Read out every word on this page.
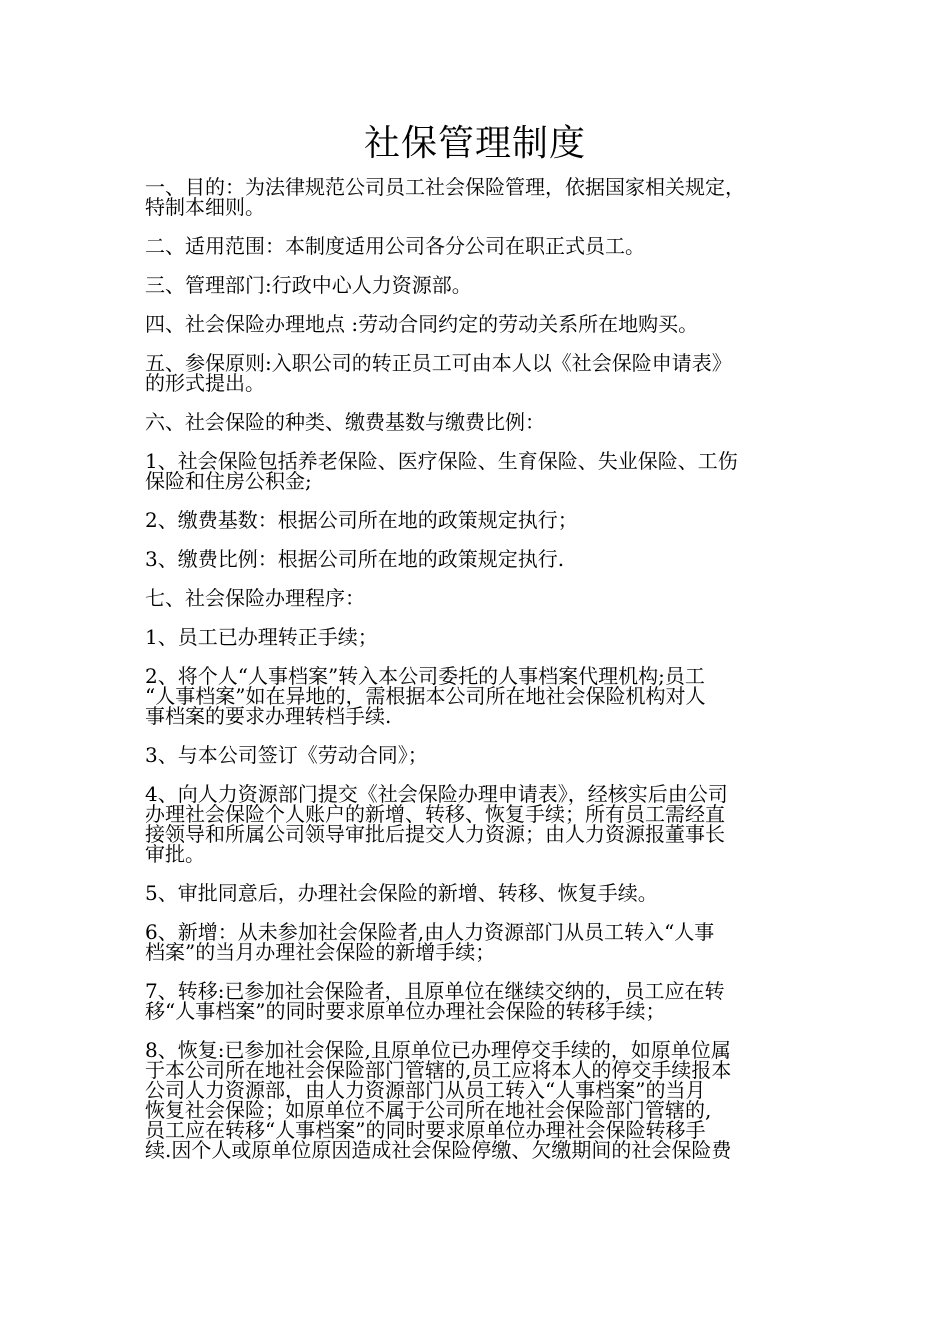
社保管理制度

一、目的：为法律规范公司员工社会保险管理，依据国家相关规定，
特制本细则。

二、适用范围：本制度适用公司各分公司在职正式员工。

三、管理部门:行政中心人力资源部。

四、社会保险办理地点 :劳动合同约定的劳动关系所在地购买。

五、参保原则:入职公司的转正员工可由本人以《社会保险申请表》
的形式提出。

六、社会保险的种类、缴费基数与缴费比例：

1、社会保险包括养老保险、医疗保险、生育保险、失业保险、工伤
保险和住房公积金;

2、缴费基数：根据公司所在地的政策规定执行；

3、缴费比例：根据公司所在地的政策规定执行.

七、社会保险办理程序：

1、员工已办理转正手续；

2、将个人“人事档案”转入本公司委托的人事档案代理机构;员工
“人事档案”如在异地的，需根据本公司所在地社会保险机构对人
事档案的要求办理转档手续.

3、与本公司签订《劳动合同》；

4、向人力资源部门提交《社会保险办理申请表》，经核实后由公司
办理社会保险个人账户的新增、转移、恢复手续；所有员工需经直
接领导和所属公司领导审批后提交人力资源；由人力资源报董事长
审批。

5、审批同意后，办理社会保险的新增、转移、恢复手续。

6、新增：从未参加社会保险者,由人力资源部门从员工转入“人事
档案”的当月办理社会保险的新增手续；

7、转移:已参加社会保险者，且原单位在继续交纳的，员工应在转
移“人事档案”的同时要求原单位办理社会保险的转移手续；

8、恢复:已参加社会保险,且原单位已办理停交手续的，如原单位属
于本公司所在地社会保险部门管辖的,员工应将本人的停交手续报本
公司人力资源部，由人力资源部门从员工转入“人事档案”的当月
恢复社会保险；如原单位不属于公司所在地社会保险部门管辖的,
员工应在转移“人事档案”的同时要求原单位办理社会保险转移手
续.因个人或原单位原因造成社会保险停缴、欠缴期间的社会保险费
